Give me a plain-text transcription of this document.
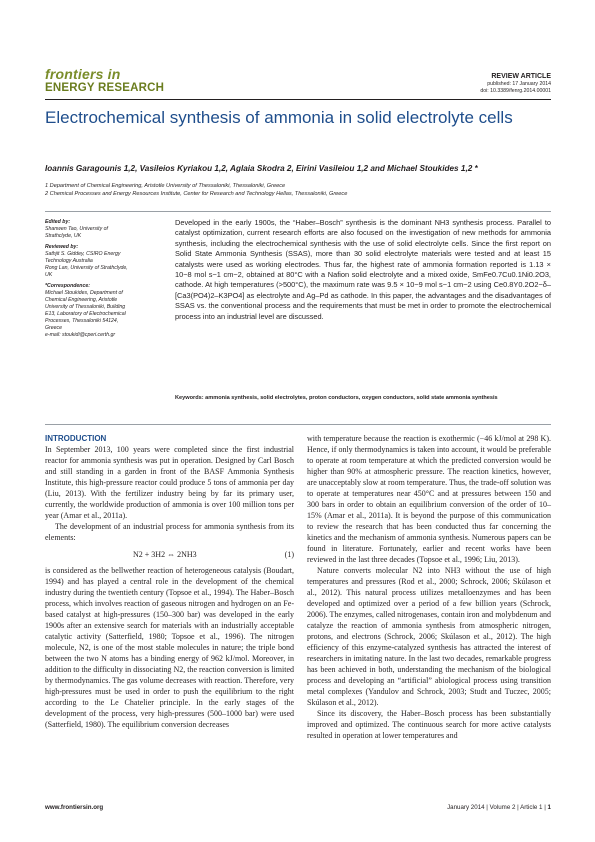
frontiers in
ENERGY RESEARCH
REVIEW ARTICLE
published: 17 January 2014
doi: 10.3389/fenrg.2014.00001
Electrochemical synthesis of ammonia in solid electrolyte cells
Ioannis Garagounis 1,2, Vasileios Kyriakou 1,2, Aglaia Skodra 2, Eirini Vasileiou 1,2 and Michael Stoukides 1,2 *
1 Department of Chemical Engineering, Aristotle University of Thessaloniki, Thessaloniki, Greece
2 Chemical Processes and Energy Resources Institute, Center for Research and Technology Hellas, Thessaloniki, Greece
Edited by:
Shanwen Tao, University of
Strathclyde, UK
Reviewed by:
Sathjit S. Giddey, CSIRO Energy
Technology Australia
Rong Lan, University of Strathclyde,
UK
*Correspondence:
Michael Stoukides, Department of
Chemical Engineering, Aristotle
University of Thessaloniki, Building
E13, Laboratory of Electrochemical
Processes, Thessaloniki 54124,
Greece
e-mail: stoukidi@cperi.certh.gr
Developed in the early 1900s, the “Haber–Bosch” synthesis is the dominant NH3 synthesis process. Parallel to catalyst optimization, current research efforts are also focused on the investigation of new methods for ammonia synthesis, including the electrochemical synthesis with the use of solid electrolyte cells. Since the first report on Solid State Ammonia Synthesis (SSAS), more than 30 solid electrolyte materials were tested and at least 15 catalysts were used as working electrodes. Thus far, the highest rate of ammonia formation reported is 1.13 × 10−8 mol s−1 cm−2, obtained at 80°C with a Nafion solid electrolyte and a mixed oxide, SmFe0.7Cu0.1Ni0.2O3, cathode. At high temperatures (>500°C), the maximum rate was 9.5 × 10−9 mol s−1 cm−2 using Ce0.8Y0.2O2−δ–[Ca3(PO4)2–K3PO4] as electrolyte and Ag–Pd as cathode. In this paper, the advantages and the disadvantages of SSAS vs. the conventional process and the requirements that must be met in order to promote the electrochemical process into an industrial level are discussed.
Keywords: ammonia synthesis, solid electrolytes, proton conductors, oxygen conductors, solid state ammonia synthesis
INTRODUCTION

In September 2013, 100 years were completed since the first industrial reactor for ammonia synthesis was put in operation. Designed by Carl Bosch and still standing in a garden in front of the BASF Ammonia Synthesis Institute, this high-pressure reactor could produce 5 tons of ammonia per day (Liu, 2013). With the fertilizer industry being by far its primary user, currently, the worldwide production of ammonia is over 100 million tons per year (Amar et al., 2011a).

The development of an industrial process for ammonia synthesis from its elements:

N2 + 3H2 ⇔ 2NH3	(1)

is considered as the bellwether reaction of heterogeneous catalysis (Boudart, 1994) and has played a central role in the development of the chemical industry during the twentieth century (Topsoe et al., 1994). The Haber–Bosch process, which involves reaction of gaseous nitrogen and hydrogen on an Fe-based catalyst at high-pressures (150–300 bar) was developed in the early 1900s after an extensive search for materials with an industrially acceptable catalytic activity (Satterfield, 1980; Topsoe et al., 1996). The nitrogen molecule, N2, is one of the most stable molecules in nature; the triple bond between the two N atoms has a binding energy of 962 kJ/mol. Moreover, in addition to the difficulty in dissociating N2, the reaction conversion is limited by thermodynamics. The gas volume decreases with reaction. Therefore, very high-pressures must be used in order to push the equilibrium to the right according to the Le Chatelier principle. In the early stages of the development of the process, very high-pressures (500–1000 bar) were used (Satterfield, 1980). The equilibrium conversion decreases

with temperature because the reaction is exothermic (−46 kJ/mol at 298 K). Hence, if only thermodynamics is taken into account, it would be preferable to operate at room temperature at which the predicted conversion would be higher than 90% at atmospheric pressure. The reaction kinetics, however, are unacceptably slow at room temperature. Thus, the trade-off solution was to operate at temperatures near 450°C and at pressures between 150 and 300 bars in order to obtain an equilibrium conversion of the order of 10–15% (Amar et al., 2011a). It is beyond the purpose of this communication to review the research that has been conducted thus far concerning the kinetics and the mechanism of ammonia synthesis. Numerous papers can be found in literature. Fortunately, earlier and recent works have been reviewed in the last three decades (Topsoe et al., 1996; Liu, 2013).

Nature converts molecular N2 into NH3 without the use of high temperatures and pressures (Rod et al., 2000; Schrock, 2006; Skúlason et al., 2012). This natural process utilizes metalloenzymes and has been developed and optimized over a period of a few billion years (Schrock, 2006). The enzymes, called nitrogenases, contain iron and molybdenum and catalyze the reaction of ammonia synthesis from atmospheric nitrogen, protons, and electrons (Schrock, 2006; Skúlason et al., 2012). The high efficiency of this enzyme-catalyzed synthesis has attracted the interest of researchers in imitating nature. In the last two decades, remarkable progress has been achieved in both, understanding the mechanism of the biological process and developing an “artificial” abiological process using transition metal complexes (Yandulov and Schrock, 2003; Studt and Tuczec, 2005; Skúlason et al., 2012).

Since its discovery, the Haber–Bosch process has been substantially improved and optimized. The continuous search for more active catalysts resulted in operation at lower temperatures and

www.frontiersin.org	January 2014 | Volume 2 | Article 1 | 1
